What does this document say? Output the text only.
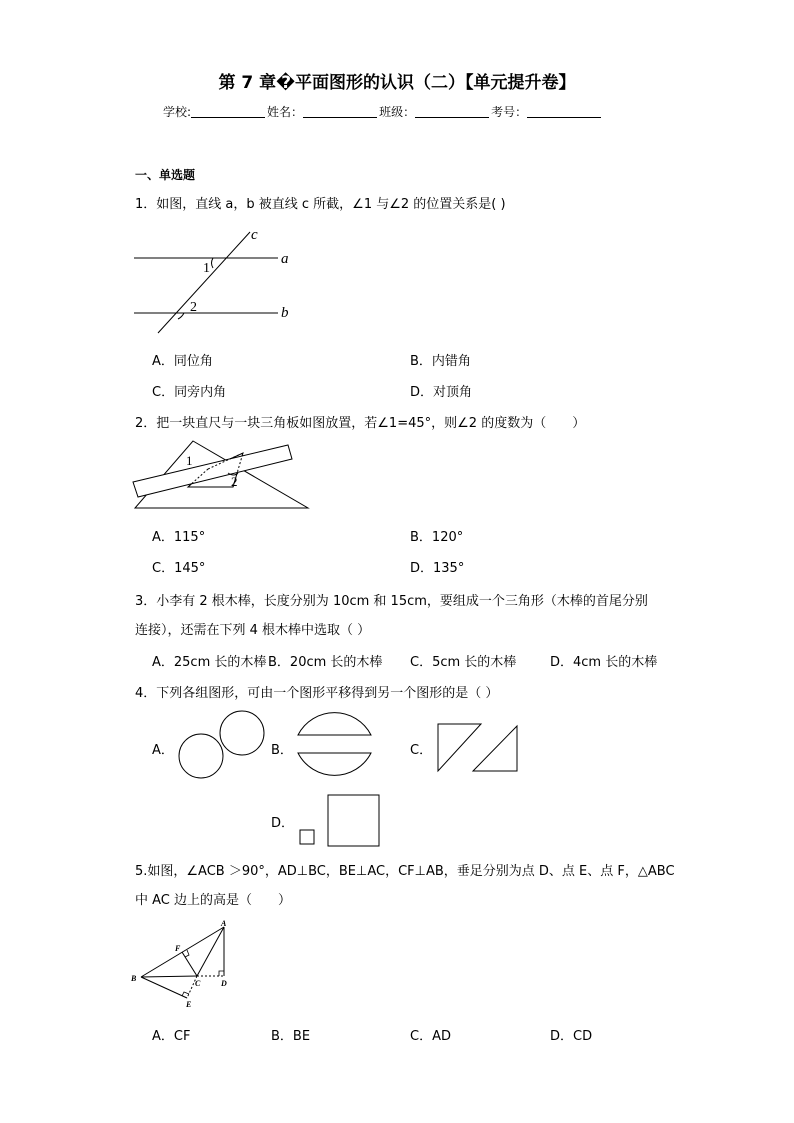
第 7 章�平面图形的认识（二）【单元提升卷】
学校:	姓名：	班级：	考号：
一、单选题
1．如图，直线 a，b 被直线 c 所截，∠1 与∠2 的位置关系是( )
c
a
b
1
2
A．同位角	B．内错角
C．同旁内角	D．对顶角
2．把一块直尺与一块三角板如图放置，若∠1=45°，则∠2 的度数为（　　）
1
2
A．115°	B．120°
C．145°	D．135°
3．小李有 2 根木棒，长度分别为 10cm 和 15cm，要组成一个三角形（木棒的首尾分别
连接），还需在下列 4 根木棒中选取（ ）
A．25cm 长的木棒 B．20cm 长的木棒 C．5cm 长的木棒	D．4cm 长的木棒
4．下列各组图形，可由一个图形平移得到另一个图形的是（ ）
A．	B．	C．
D．
5.如图，∠ACB ＞90°，AD⊥BC，BE⊥AC，CF⊥AB，垂足分别为点 D、点 E、点 F，△ABC
中 AC 边上的高是（　　）
A
B
C	D
E
F
A．CF	B．BE	C．AD	D．CD
